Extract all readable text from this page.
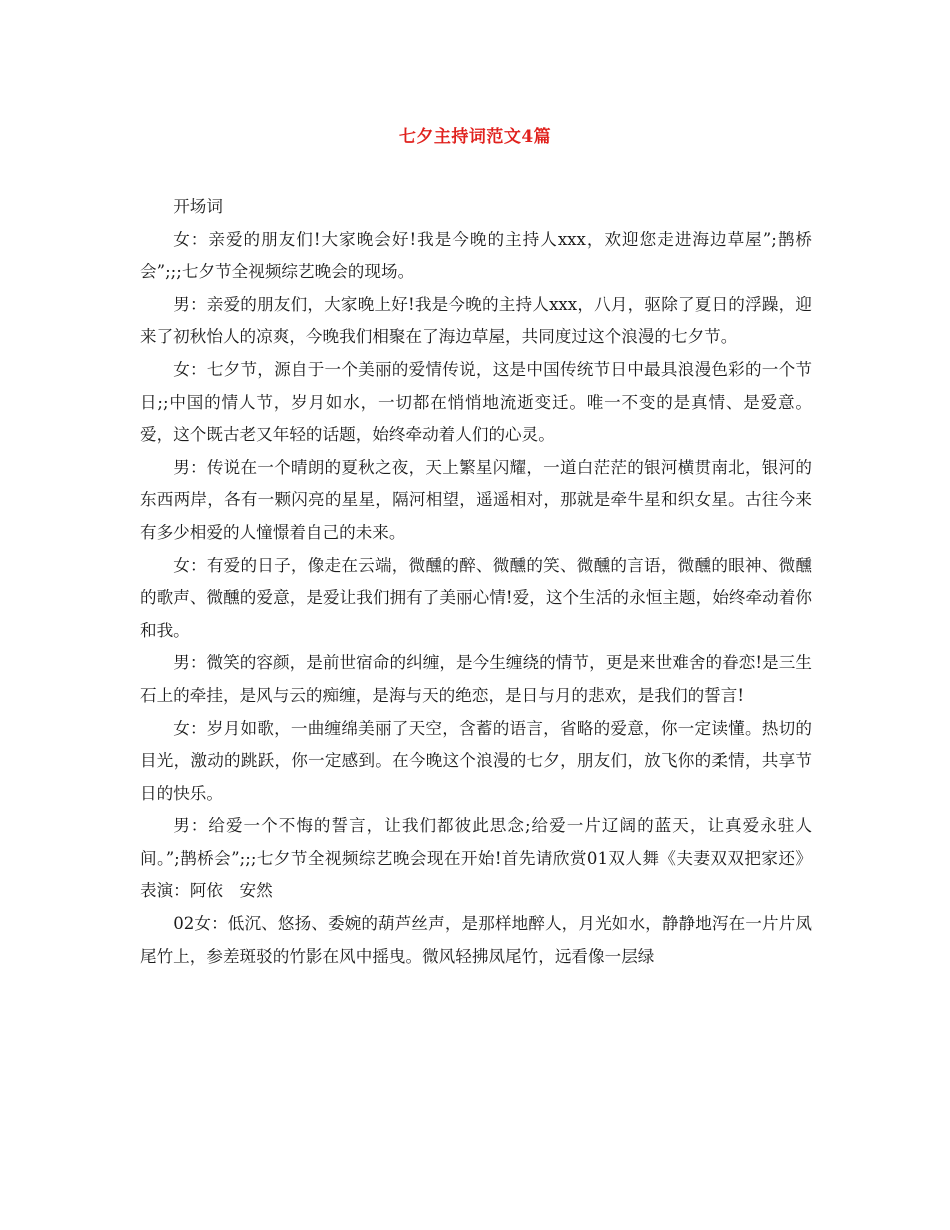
七夕主持词范文4篇

开场词

女：亲爱的朋友们!大家晚会好!我是今晚的主持人xxx，欢迎您走进海边草屋”;鹊桥会”;;;七夕节全视频综艺晚会的现场。

男：亲爱的朋友们，大家晚上好!我是今晚的主持人xxx，八月，驱除了夏日的浮躁，迎来了初秋怡人的凉爽，今晚我们相聚在了海边草屋，共同度过这个浪漫的七夕节。

女：七夕节，源自于一个美丽的爱情传说，这是中国传统节日中最具浪漫色彩的一个节日;;中国的情人节，岁月如水，一切都在悄悄地流逝变迁。唯一不变的是真情、是爱意。爱，这个既古老又年轻的话题，始终牵动着人们的心灵。

男：传说在一个晴朗的夏秋之夜，天上繁星闪耀，一道白茫茫的银河横贯南北，银河的东西两岸，各有一颗闪亮的星星，隔河相望，遥遥相对，那就是牵牛星和织女星。古往今来有多少相爱的人憧憬着自己的未来。

女：有爱的日子，像走在云端，微醺的醉、微醺的笑、微醺的言语，微醺的眼神、微醺的歌声、微醺的爱意，是爱让我们拥有了美丽心情!爱，这个生活的永恒主题，始终牵动着你和我。

男：微笑的容颜，是前世宿命的纠缠，是今生缠绕的情节，更是来世难舍的眷恋!是三生石上的牵挂，是风与云的痴缠，是海与天的绝恋，是日与月的悲欢，是我们的誓言!

女：岁月如歌，一曲缠绵美丽了天空，含蓄的语言，省略的爱意，你一定读懂。热切的目光，激动的跳跃，你一定感到。在今晚这个浪漫的七夕，朋友们，放飞你的柔情，共享节日的快乐。

男：给爱一个不悔的誓言，让我们都彼此思念;给爱一片辽阔的蓝天，让真爱永驻人间。”;鹊桥会”;;;七夕节全视频综艺晚会现在开始!首先请欣赏01双人舞《夫妻双双把家还》表演：阿依　安然

02女：低沉、悠扬、委婉的葫芦丝声，是那样地醉人，月光如水，静静地泻在一片片凤尾竹上，参差斑驳的竹影在风中摇曳。微风轻拂凤尾竹，远看像一层绿
